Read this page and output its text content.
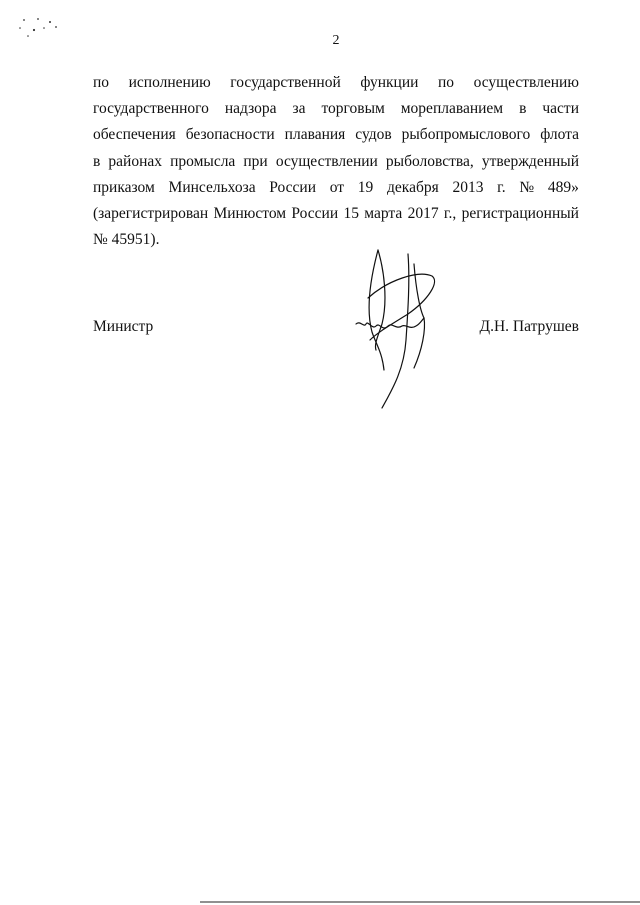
2
по исполнению государственной функции по осуществлению
государственного надзора за торговым мореплаванием в части
обеспечения безопасности плавания судов рыбопромыслового флота
в районах промысла при осуществлении рыболовства, утвержденный
приказом Минсельхоза России от 19 декабря 2013 г. № 489»
(зарегистрирован Минюстом России 15 марта 2017 г., регистрационный
№ 45951).
Министр	Д.Н. Патрушев
